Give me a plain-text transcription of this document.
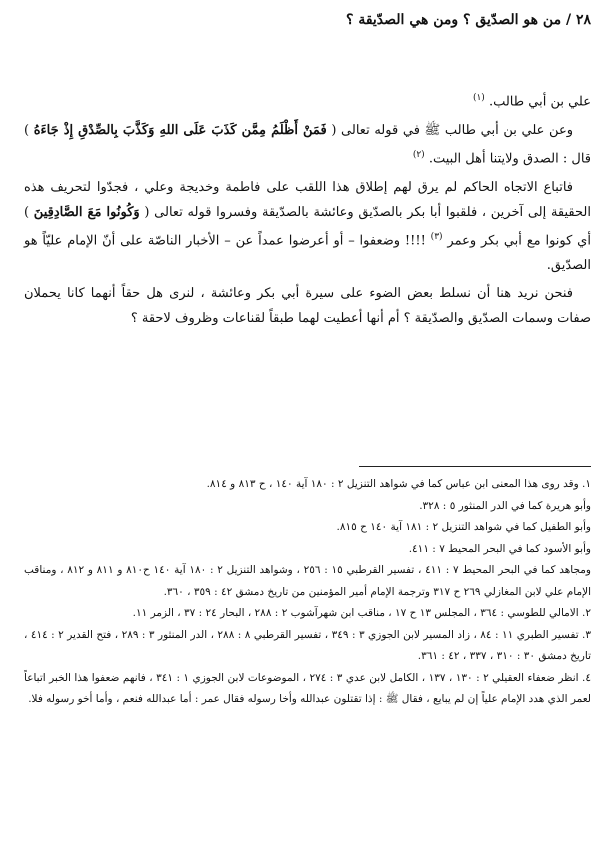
٢٨ / من هو الصدّيق ؟ ومن هي الصدّيقة ؟

علي بن أبي طالب. $^{(١)}$

وعن علي بن أبي طالب ﷺ في قوله تعالى ( فَمَنْ أَظْلَمُ مِمَّن كَذَبَ عَلَى اللهِ وَكَذَّبَ بِالصِّدْقِ إِذْ جَاءَهُ ) قال : الصدق ولايتنا أهل البيت. $^{(٢)}$

فاتباع الاتجاه الحاكم لم يرق لهم إطلاق هذا اللقب على فاطمة وخديجة وعلي ، فجدّوا لتحريف هذه الحقيقة إلى آخرين ، فلقبوا أبا بكر بالصدّيق وعائشة بالصدّيقة وفسروا قوله تعالى ( وَكُونُوا مَعَ الصَّادِقِينَ ) أي كونوا مع أبي بكر وعمر $^{(٣)}$ !!!! وضعفوا – أو أعرضوا عمداً عن – الأخبار الناصّة على أنّ الإمام عليّاً هو الصدّيق.

فنحن نريد هنا أن نسلط بعض الضوء على سيرة أبي بكر وعائشة ، لنرى هل حقاً أنهما كانا يحملان صفات وسمات الصدّيق والصدّيقة ؟ أم أنها أعطيت لهما طبقاً لقناعات وظروف لاحقة ؟

١. وقد روى هذا المعنى ابن عباس كما في شواهد التنزيل ٢ : ١٨٠ آية ١٤٠ ، ح ٨١٣ و ٨١٤.

وأبو هريرة كما في الدر المنثور ٥ : ٣٢٨.

وأبو الطفيل كما في شواهد التنزيل ٢ : ١٨١ آية ١٤٠ ح ٨١٥.

وأبو الأسود كما في البحر المحيط ٧ : ٤١١.

ومجاهد كما في البحر المحيط ٧ : ٤١١ ، تفسير القرطبي ١٥ : ٢٥٦ ، وشواهد التنزيل ٢ : ١٨٠ آية ١٤٠ ح٨١٠ و ٨١١ و ٨١٢ ، ومناقب الإمام علي لابن المغازلي ٢٦٩ ح ٣١٧ وترجمة الإمام أمير المؤمنين من تاريخ دمشق ٤٢ : ٣٥٩ ، ٣٦٠.

٢. الامالي للطوسي : ٣٦٤ ، المجلس ١٣ ح ١٧ ، مناقب ابن شهرآشوب ٢ : ٢٨٨ ، البحار ٢٤ : ٣٧ ، الزمر ١١.

٣. تفسير الطبري ١١ : ٨٤ ، زاد المسير لابن الجوزي ٣ : ٣٤٩ ، تفسير القرطبي ٨ : ٢٨٨ ، الدر المنثور ٣ : ٢٨٩ ، فتح القدير ٢ : ٤١٤ ، تاريخ دمشق ٣٠ : ٣١٠ ، ٣٣٧ ، ٤٢ : ٣٦١.

٤. انظر ضعفاء العقيلي ٢ : ١٣٠ ، ١٣٧ ، الكامل لابن عدي ٣ : ٢٧٤ ، الموضوعات لابن الجوزي ١ : ٣٤١ ، فانهم ضعفوا هذا الخبر اتباعاً لعمر الذي هدد الإمام علياً إن لم يبايع ، فقال ﷺ : إذا تقتلون عبدالله وأخا رسوله فقال عمر : أما عبدالله فنعم ، وأما أخو رسوله فلا.
